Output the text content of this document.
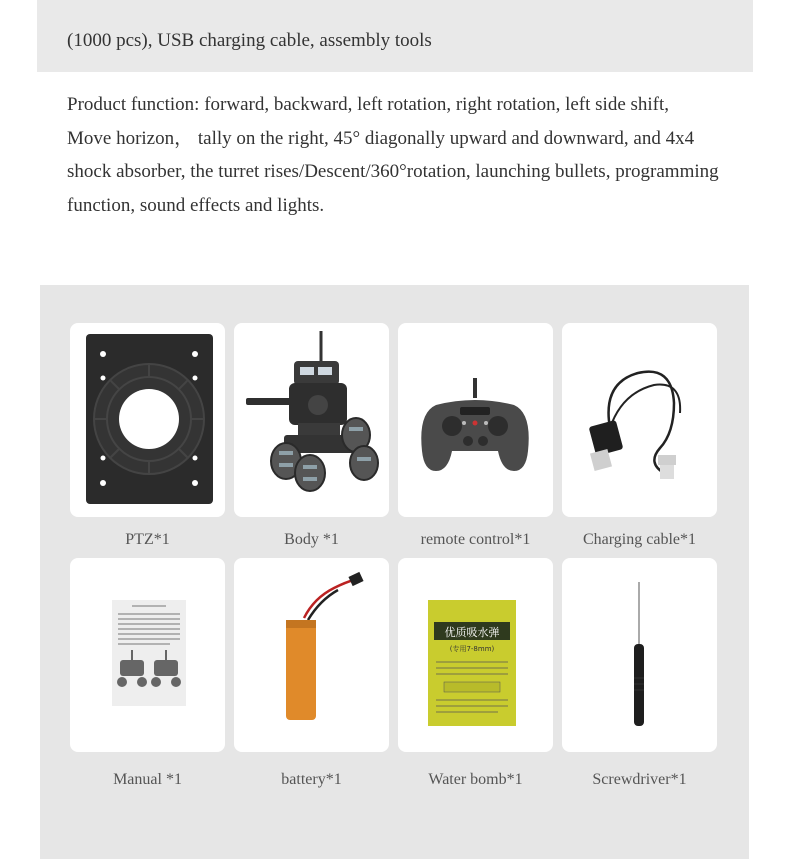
(1000 pcs), USB charging cable, assembly tools

Product function: forward, backward, left rotation, right rotation, left side shift,

Move horizon， tally on the right, 45° diagonally upward and downward, and 4x4

shock absorber, the turret rises/Descent/360°rotation, launching bullets, programming

function, sound effects and lights.

PTZ*1	Body *1	remote control*1	Charging cable*1
Manual *1	battery*1
优质吸水弹
(专用7-8mm)
Water bomb*1	Screwdriver*1
